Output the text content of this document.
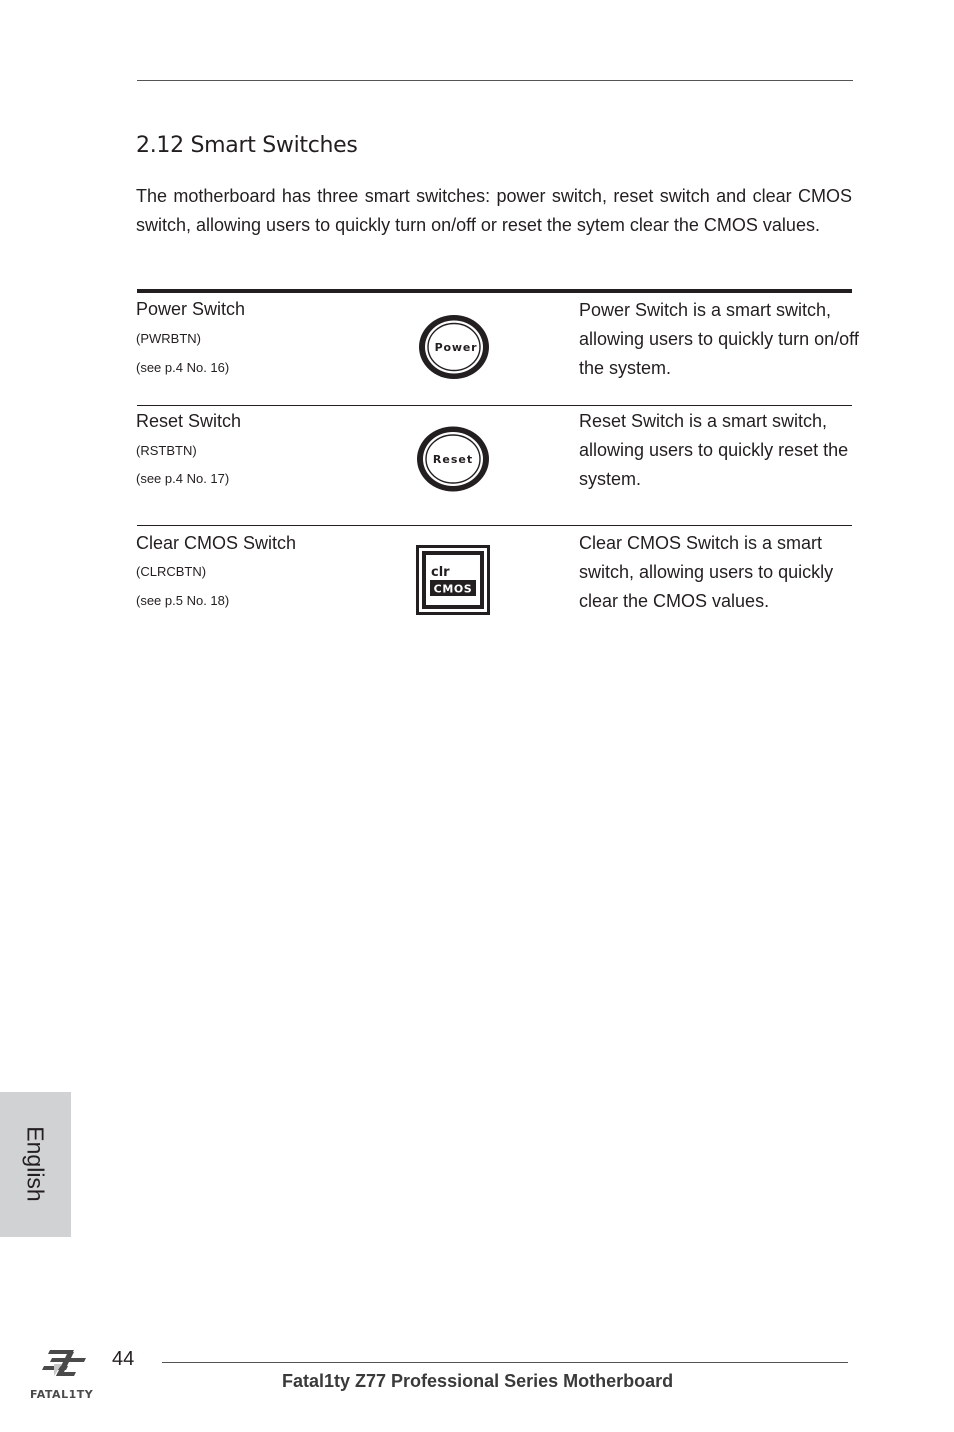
2.12 Smart Switches

The motherboard has three smart switches: power switch, reset switch and clear CMOS switch, allowing users to quickly turn on/off or reset the sytem clear the CMOS values.

Power Switch
(PWRBTN)
(see p.4 No. 16)
Power

Power Switch is a smart switch, allowing users to quickly turn on/off the system.

Reset Switch
(RSTBTN)
(see p.4 No. 17)
Reset

Reset Switch is a smart switch, allowing users to quickly reset the system.

Clear CMOS Switch
(CLRCBTN)
(see p.5 No. 18)
clr
CMOS

Clear CMOS Switch is a smart switch, allowing users to quickly clear the CMOS values.

English
FATAL1TY
44
Fatal1ty Z77 Professional Series Motherboard
